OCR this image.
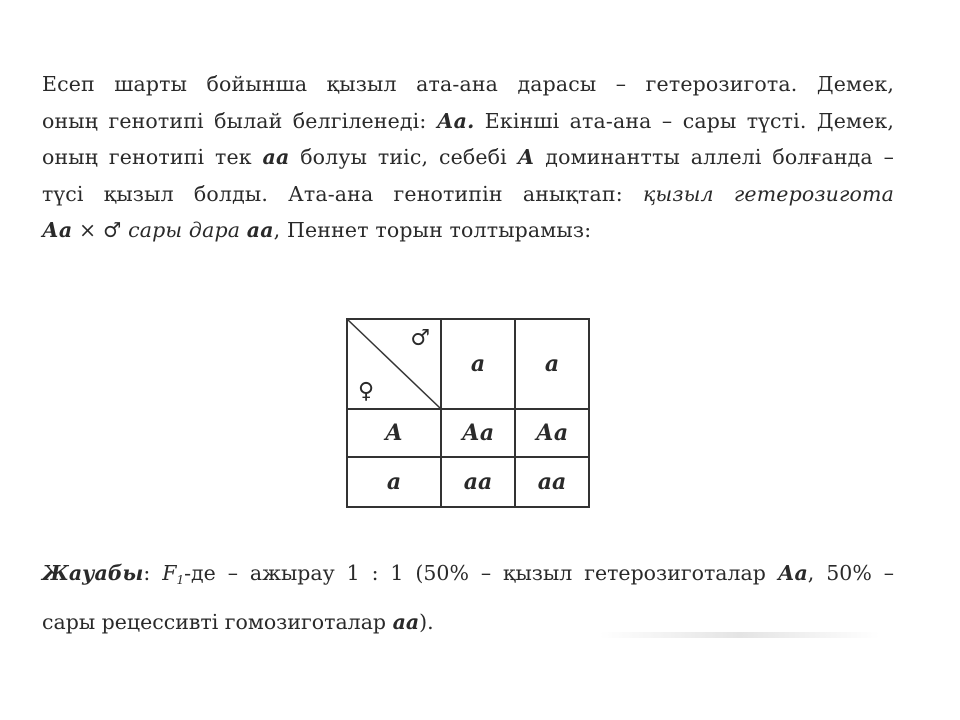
Есеп шарты бойынша қызыл ата-ана дарасы – гетерозигота. Демек,
оның генотипі былай белгіленеді: Аа. Екінші ата-ана – сары түсті. Демек,
оның генотипі тек аа болуы тиіс, себебі А доминантты аллелі болғанда –
түсі қызыл болды. Ата-ана генотипін анықтап: қызыл гетерозигота
Аа × ♂ сары дара аа, Пеннет торын толтырамыз:
♂
♀	а	а
А	Аа	Аа
а	аа	аа
Жауабы: $F_1-де$ – ажырау 1 : 1 (50% – қызыл гетерозиготалар Аа, 50% –
сары рецессивті гомозиготалар аа).
